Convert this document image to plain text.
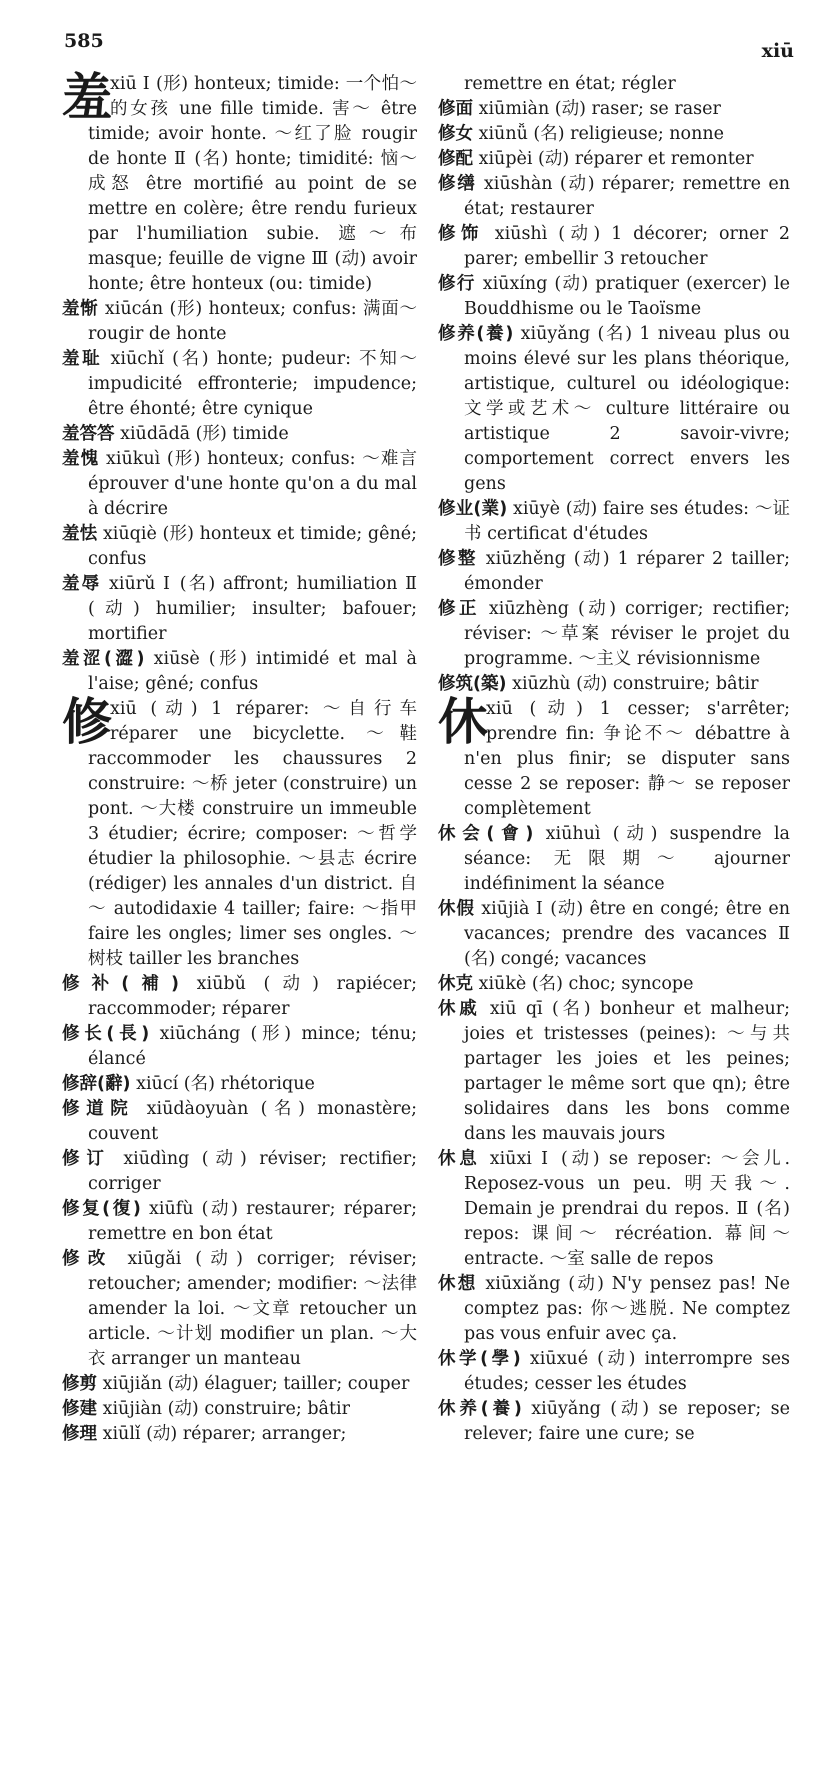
585	xiū
羞
xiū Ⅰ (形) honteux; timide: 一个怕～的女孩 une fille timide. 害～ être timide; avoir honte. ～红了脸 rougir de honte Ⅱ (名) honte; timidité: 恼～成怒 être mortifié au point de se mettre en colère; être rendu furieux par l'humiliation subie. 遮～布 masque; feuille de vigne Ⅲ (动) avoir honte; être honteux (ou: timide)
羞惭 xiūcán (形) honteux; confus: 满面～ rougir de honte
羞耻 xiūchǐ (名) honte; pudeur: 不知～ impudicité effronterie; impudence; être éhonté; être cynique
羞答答 xiūdādā (形) timide
羞愧 xiūkuì (形) honteux; confus: ～难言 éprouver d'une honte qu'on a du mal à décrire
羞怯 xiūqiè (形) honteux et timide; gêné; confus
羞辱 xiūrǔ Ⅰ (名) affront; humiliation Ⅱ (动) humilier; insulter; bafouer; mortifier
羞涩(澀) xiūsè (形) intimidé et mal à l'aise; gêné; confus
修
xiū (动) 1 réparer: ～自行车 réparer une bicyclette. ～鞋 raccommoder les chaussures 2 construire: ～桥 jeter (construire) un pont. ～大楼 construire un immeuble 3 étudier; écrire; composer: ～哲学 étudier la philosophie. ～县志 écrire (rédiger) les annales d'un district. 自～ autodidaxie 4 tailler; faire: ～指甲 faire les ongles; limer ses ongles. ～树枝 tailler les branches
修补(補) xiūbǔ (动) rapiécer; raccommoder; réparer
修长(長) xiūcháng (形) mince; ténu; élancé
修辞(辭) xiūcí (名) rhétorique
修道院 xiūdàoyuàn (名) monastère; couvent
修订 xiūdìng (动) réviser; rectifier; corriger
修复(復) xiūfù (动) restaurer; réparer; remettre en bon état
修改 xiūgǎi (动) corriger; réviser; retoucher; amender; modifier: ～法律 amender la loi. ～文章 retoucher un article. ～计划 modifier un plan. ～大衣 arranger un manteau
修剪 xiūjiǎn (动) élaguer; tailler; couper
修建 xiūjiàn (动) construire; bâtir
修理 xiūlǐ (动) réparer; arranger;
remettre en état; régler
修面 xiūmiàn (动) raser; se raser
修女 xiūnǚ (名) religieuse; nonne
修配 xiūpèi (动) réparer et remonter
修缮 xiūshàn (动) réparer; remettre en état; restaurer
修饰 xiūshì (动) 1 décorer; orner 2 parer; embellir 3 retoucher
修行 xiūxíng (动) pratiquer (exercer) le Bouddhisme ou le Taoïsme
修养(養) xiūyǎng (名) 1 niveau plus ou moins élevé sur les plans théorique, artistique, culturel ou idéologique: 文学或艺术～ culture littéraire ou artistique 2 savoir-vivre; comportement correct envers les gens
修业(業) xiūyè (动) faire ses études: ～证书 certificat d'études
修整 xiūzhěng (动) 1 réparer 2 tailler; émonder
修正 xiūzhèng (动) corriger; rectifier; réviser: ～草案 réviser le projet du programme. ～主义 révisionnisme
修筑(築) xiūzhù (动) construire; bâtir
休
xiū (动) 1 cesser; s'arrêter; prendre fin: 争论不～ débattre à n'en plus finir; se disputer sans cesse 2 se reposer: 静～ se reposer complètement
休会(會) xiūhuì (动) suspendre la séance: 无限期～ ajourner indéfiniment la séance
休假 xiūjià Ⅰ (动) être en congé; être en vacances; prendre des vacances Ⅱ (名) congé; vacances
休克 xiūkè (名) choc; syncope
休戚 xiū qī (名) bonheur et malheur; joies et tristesses (peines): ～与共 partager les joies et les peines; partager le même sort que qn); être solidaires dans les bons comme dans les mauvais jours
休息 xiūxi Ⅰ (动) se reposer: ～会儿. Reposez-vous un peu. 明天我～. Demain je prendrai du repos. Ⅱ (名) repos: 课间～ récréation. 幕间～ entracte. ～室 salle de repos
休想 xiūxiǎng (动) N'y pensez pas! Ne comptez pas: 你～逃脱. Ne comptez pas vous enfuir avec ça.
休学(學) xiūxué (动) interrompre ses études; cesser les études
休养(養) xiūyǎng (动) se reposer; se relever; faire une cure; se
